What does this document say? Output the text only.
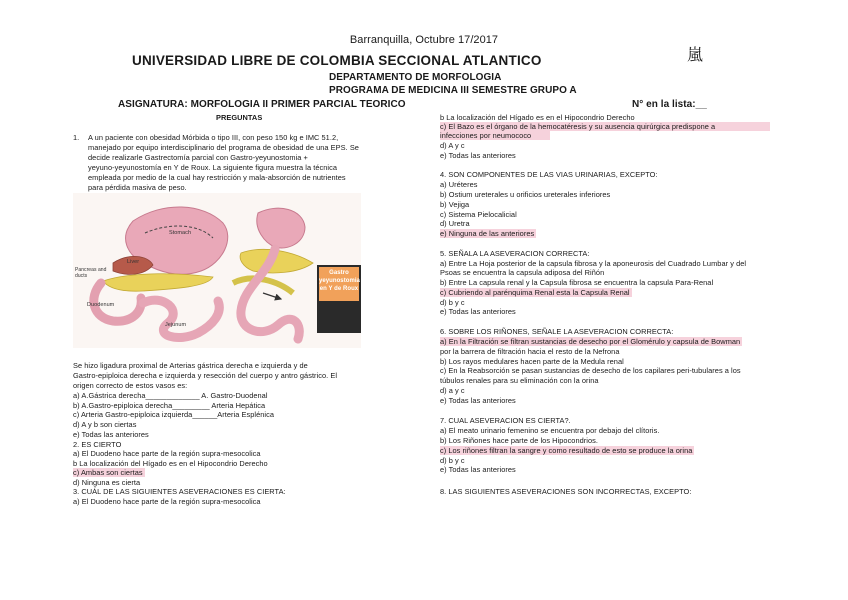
Barranquilla, Octubre 17/2017
UNIVERSIDAD LIBRE DE COLOMBIA SECCIONAL ATLANTICO	嵐
DEPARTAMENTO DE MORFOLOGIA
PROGRAMA DE MEDICINA III SEMESTRE GRUPO A
ASIGNATURA: MORFOLOGIA II PRIMER PARCIAL TEORICO	N° en la lista:__
PREGUNTAS
1. A un paciente con obesidad Mórbida o tipo III, con peso 150 kg e IMC 51.2,
manejado por equipo interdisciplinario del programa de obesidad de una EPS. Se
decide realizarle Gastrectomía parcial con Gastro-yeyunostomia +
yeyuno-yeyunostomía en Y de Roux. La siguiente figura muestra la técnica
empleada por medio de la cual hay restricción y mala-absorción de nutrientes
para pérdida masiva de peso.
Stomach
Liver
Pancreas and ducts
Duodenum
Jejunum
Gastro yeyunostomia en Y de Roux
Se hizo ligadura proximal de Arterias gástrica derecha e izquierda y de
Gastro-epiploica derecha e izquierda y resección del cuerpo y antro gástrico. El
origen correcto de estos vasos es:
a) A.Gástrica derecha_____________ A. Gastro-Duodenal
b) A.Gastro-epiploica derecha_________ Arteria Hepática
c) Arteria Gastro-epiploica izquierda______Arteria Esplénica
d) A y b son ciertas
e) Todas las anteriores
2. ES CIERTO
a) El Duodeno hace parte de la región supra-mesocolica
b La localización del Hígado es en el Hipocondrio Derecho
c) Ambas son ciertas
d) Ninguna es cierta
3. CUÁL DE LAS SIGUIENTES ASEVERACIONES ES CIERTA:
a) El Duodeno hace parte de la región supra-mesocolica
b La localización del Hígado es en el Hipocondrio Derecho
c) El Bazo es el órgano de la hemocatéresis y su ausencia quirúrgica predispone a
infecciones por neumococo
d) A y c
e) Todas las anteriores
4. SON COMPONENTES DE LAS VIAS URINARIAS, EXCEPTO:
a) Uréteres
b) Ostium ureterales u orificios ureterales inferiores
b) Vejiga
c) Sistema Pielocalicial
d) Uretra
e) Ninguna de las anteriores
5. SEÑALA LA ASEVERACION CORRECTA:
a) Entre La Hoja posterior de la capsula fibrosa y la aponeurosis del Cuadrado Lumbar y del
Psoas se encuentra la capsula adiposa del Riñón
b) Entre La capsula renal y la Capsula fibrosa se encuentra la capsula Para-Renal
c) Cubriendo al parénquima Renal esta la Capsula Renal
d) b y c
e) Todas las anteriores
6. SOBRE LOS RIÑONES, SEÑALE LA ASEVERACION CORRECTA:
a) En la Filtración se filtran sustancias de desecho por el Glomérulo y capsula de Bowman
por la barrera de filtración hacia el resto de la Nefrona
b) Los rayos medulares hacen parte de la Medula renal
c) En la Reabsorción se pasan sustancias de desecho de los capilares peri-tubulares a los
túbulos renales para su eliminación con la orina
d) a y c
e) Todas las anteriores
7. CUAL ASEVERACION ES CIERTA?.
a) El meato urinario femenino se encuentra por debajo del clítoris.
b) Los Riñones hace parte de los Hipocondrios.
c) Los riñones filtran la sangre y como resultado de esto se produce la orina
d) b y c
e) Todas las anteriores
8. LAS SIGUIENTES ASEVERACIONES SON INCORRECTAS, EXCEPTO:
